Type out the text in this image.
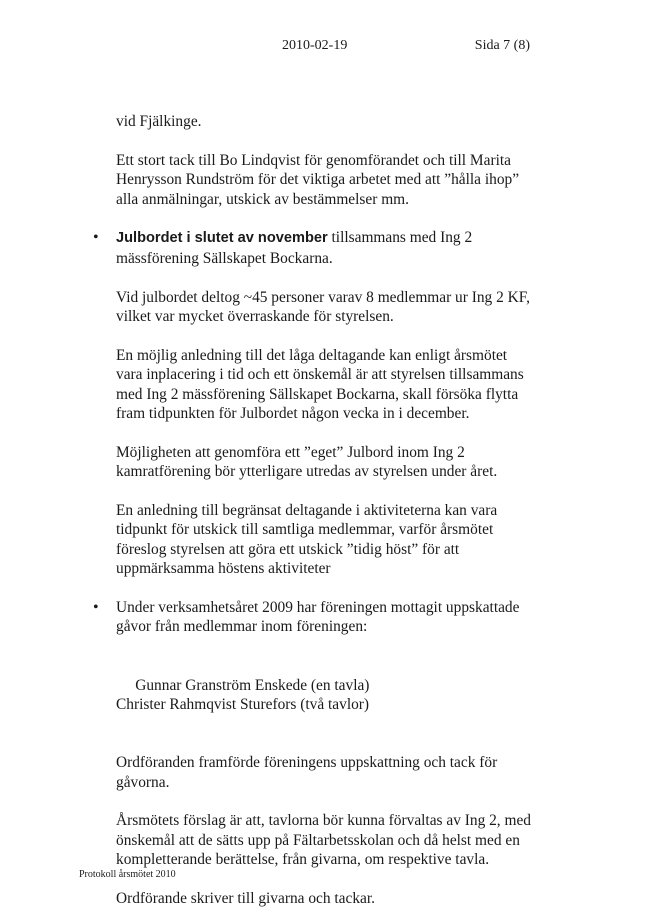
2010-02-19	Sida 7 (8)

vid Fjälkinge.

Ett stort tack till Bo Lindqvist för genomförandet och till Marita
Henrysson Rundström för det viktiga arbetet med att ”hålla ihop”
alla anmälningar, utskick av bestämmelser mm.

• Julbordet i slutet av november tillsammans med Ing 2
mässförening Sällskapet Bockarna.

Vid julbordet deltog ~45 personer varav 8 medlemmar ur Ing 2 KF,
vilket var mycket överraskande för styrelsen.

En möjlig anledning till det låga deltagande kan enligt årsmötet
vara inplacering i tid och ett önskemål är att styrelsen tillsammans
med Ing 2 mässförening Sällskapet Bockarna, skall försöka flytta
fram tidpunkten för Julbordet någon vecka in i december.

Möjligheten att genomföra ett ”eget” Julbord inom Ing 2
kamratförening bör ytterligare utredas av styrelsen under året.

En anledning till begränsat deltagande i aktiviteterna kan vara
tidpunkt för utskick till samtliga medlemmar, varför årsmötet
föreslog styrelsen att göra ett utskick ”tidig höst” för att
uppmärksamma höstens aktiviteter

• Under verksamhetsåret 2009 har föreningen mottagit uppskattade
gåvor från medlemmar inom föreningen:

Gunnar Granström Enskede (en tavla)
Christer Rahmqvist Sturefors (två tavlor)

Ordföranden framförde föreningens uppskattning och tack för
gåvorna.

Årsmötets förslag är att, tavlorna bör kunna förvaltas av Ing 2, med
önskemål att de sätts upp på Fältarbetsskolan och då helst med en
kompletterande berättelse, från givarna, om respektive tavla.

Ordförande skriver till givarna och tackar.

Protokoll årsmötet 2010
